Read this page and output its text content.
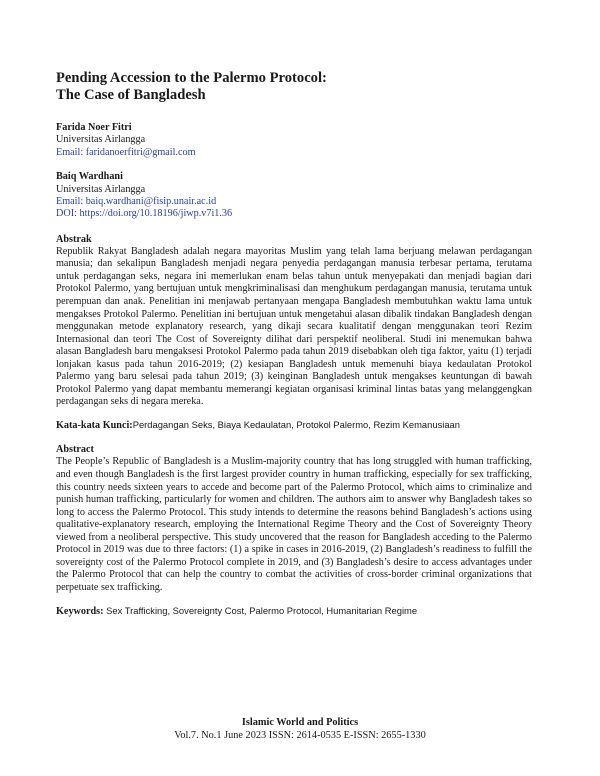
Pending Accession to the Palermo Protocol:
The Case of Bangladesh
Farida Noer Fitri
Universitas Airlangga
Email: faridanoerfitri@gmail.com
Baiq Wardhani
Universitas Airlangga
Email: baiq.wardhani@fisip.unair.ac.id
DOI: https://doi.org/10.18196/jiwp.v7i1.36
Abstrak

Republik Rakyat Bangladesh adalah negara mayoritas Muslim yang telah lama berjuang melawan perdagangan manusia; dan sekalipun Bangladesh menjadi negara penyedia perdagangan manusia terbesar pertama, terutama untuk perdagangan seks, negara ini memerlukan enam belas tahun untuk menyepakati dan menjadi bagian dari Protokol Palermo, yang bertujuan untuk mengkriminalisasi dan menghukum perdagangan manusia, terutama untuk perempuan dan anak. Penelitian ini menjawab pertanyaan mengapa Bangladesh membutuhkan waktu lama untuk mengakses Protokol Palermo. Penelitian ini bertujuan untuk mengetahui alasan dibalik tindakan Bangladesh dengan menggunakan metode explanatory research, yang dikaji secara kualitatif dengan menggunakan teori Rezim Internasional dan teori The Cost of Sovereignty dilihat dari perspektif neoliberal. Studi ini menemukan bahwa alasan Bangladesh baru mengaksesi Protokol Palermo pada tahun 2019 disebabkan oleh tiga faktor, yaitu (1) terjadi lonjakan kasus pada tahun 2016-2019; (2) kesiapan Bangladesh untuk memenuhi biaya kedaulatan Protokol Palermo yang baru selesai pada tahun 2019; (3) keinginan Bangladesh untuk mengakses keuntungan di bawah Protokol Palermo yang dapat membantu memerangi kegiatan organisasi kriminal lintas batas yang melanggengkan perdagangan seks di negara mereka.

Kata-kata Kunci:Perdagangan Seks, Biaya Kedaulatan, Protokol Palermo, Rezim Kemanusiaan
Abstract

The People’s Republic of Bangladesh is a Muslim-majority country that has long struggled with human trafficking, and even though Bangladesh is the first largest provider country in human trafficking, especially for sex trafficking, this country needs sixteen years to accede and become part of the Palermo Protocol, which aims to criminalize and punish human trafficking, particularly for women and children. The authors aim to answer why Bangladesh takes so long to access the Palermo Protocol. This study intends to determine the reasons behind Bangladesh’s actions using qualitative-explanatory research, employing the International Regime Theory and the Cost of Sovereignty Theory viewed from a neoliberal perspective. This study uncovered that the reason for Bangladesh acceding to the Palermo Protocol in 2019 was due to three factors: (1) a spike in cases in 2016-2019, (2) Bangladesh’s readiness to fulfill the sovereignty cost of the Palermo Protocol complete in 2019, and (3) Bangladesh’s desire to access advantages under the Palermo Protocol that can help the country to combat the activities of cross-border criminal organizations that perpetuate sex trafficking.

Keywords: Sex Trafficking, Sovereignty Cost, Palermo Protocol, Humanitarian Regime
Islamic World and Politics
Vol.7. No.1 June 2023 ISSN: 2614-0535 E-ISSN: 2655-1330
